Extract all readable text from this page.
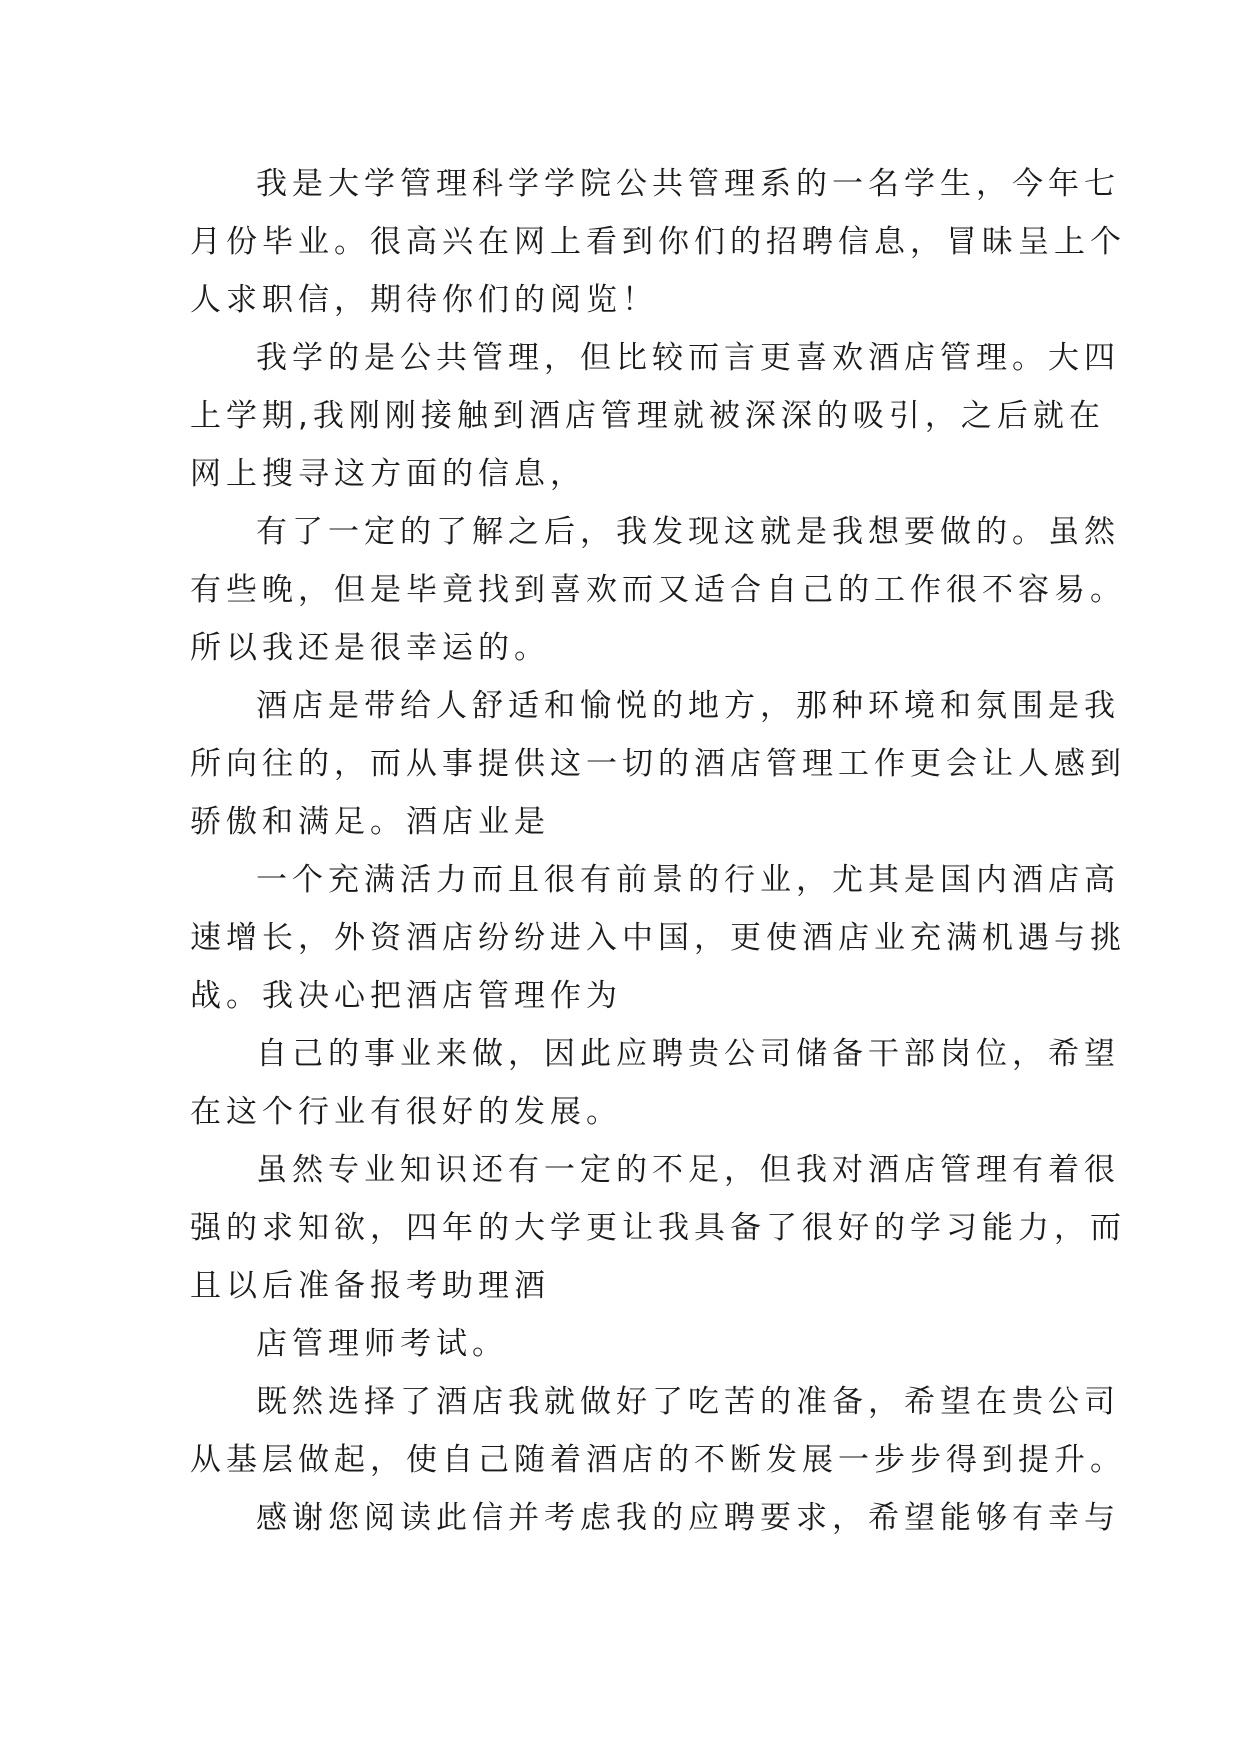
我是大学管理科学学院公共管理系的一名学生，今年七

月份毕业。很高兴在网上看到你们的招聘信息，冒昧呈上个

人求职信，期待你们的阅览！

我学的是公共管理，但比较而言更喜欢酒店管理。大四

上学期,我刚刚接触到酒店管理就被深深的吸引，之后就在

网上搜寻这方面的信息，

有了一定的了解之后，我发现这就是我想要做的。虽然

有些晚，但是毕竟找到喜欢而又适合自己的工作很不容易。

所以我还是很幸运的。

酒店是带给人舒适和愉悦的地方，那种环境和氛围是我

所向往的，而从事提供这一切的酒店管理工作更会让人感到

骄傲和满足。酒店业是

一个充满活力而且很有前景的行业，尤其是国内酒店高

速增长，外资酒店纷纷进入中国，更使酒店业充满机遇与挑

战。我决心把酒店管理作为

自己的事业来做，因此应聘贵公司储备干部岗位，希望

在这个行业有很好的发展。

虽然专业知识还有一定的不足，但我对酒店管理有着很

强的求知欲，四年的大学更让我具备了很好的学习能力，而

且以后准备报考助理酒

店管理师考试。

既然选择了酒店我就做好了吃苦的准备，希望在贵公司

从基层做起，使自己随着酒店的不断发展一步步得到提升。

感谢您阅读此信并考虑我的应聘要求，希望能够有幸与
